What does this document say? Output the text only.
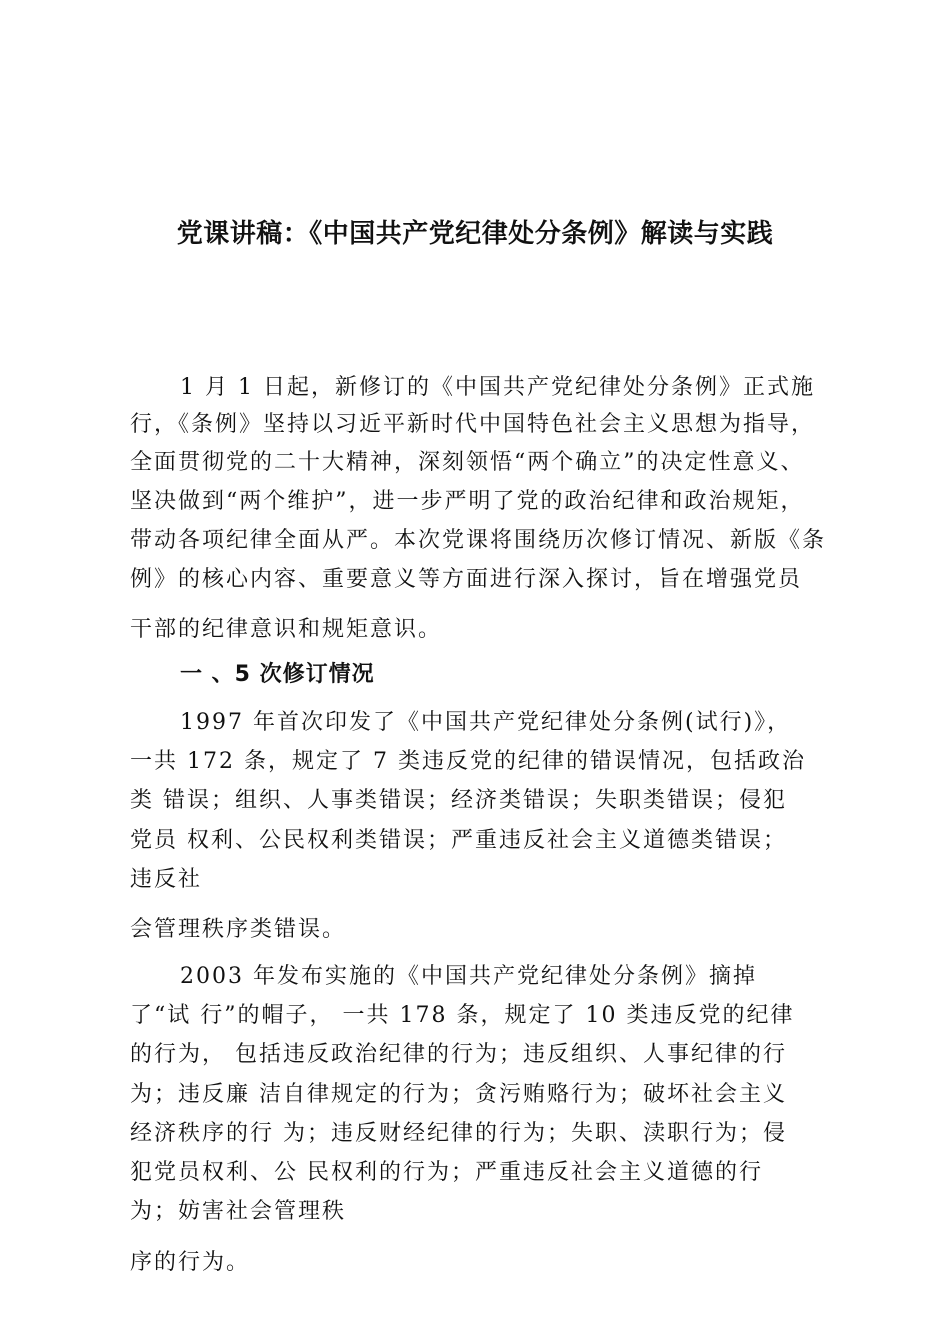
党课讲稿：《中国共产党纪律处分条例》解读与实践

1 月 1 日起，新修订的《中国共产党纪律处分条例》正式施

行，《条例》坚持以习近平新时代中国特色社会主义思想为指导，

全面贯彻党的二十大精神，深刻领悟“两个确立”的决定性意义、

坚决做到“两个维护”，进一步严明了党的政治纪律和政治规矩，

带动各项纪律全面从严。本次党课将围绕历次修订情况、新版《条

例》的核心内容、重要意义等方面进行深入探讨，旨在增强党员

干部的纪律意识和规矩意识。

一 、5 次修订情况

1997 年首次印发了《中国共产党纪律处分条例(试行)》，

一共 172 条，规定了 7 类违反党的纪律的错误情况，包括政治

类 错误；组织、人事类错误；经济类错误；失职类错误；侵犯

党员 权利、公民权利类错误；严重违反社会主义道德类错误；

违反社

会管理秩序类错误。

2003 年发布实施的《中国共产党纪律处分条例》摘掉

了“试 行”的帽子， 一共 178 条，规定了 10 类违反党的纪律

的行为， 包括违反政治纪律的行为；违反组织、人事纪律的行

为；违反廉 洁自律规定的行为；贪污贿赂行为；破坏社会主义

经济秩序的行 为；违反财经纪律的行为；失职、渎职行为；侵

犯党员权利、公 民权利的行为；严重违反社会主义道德的行

为；妨害社会管理秩

序的行为。
